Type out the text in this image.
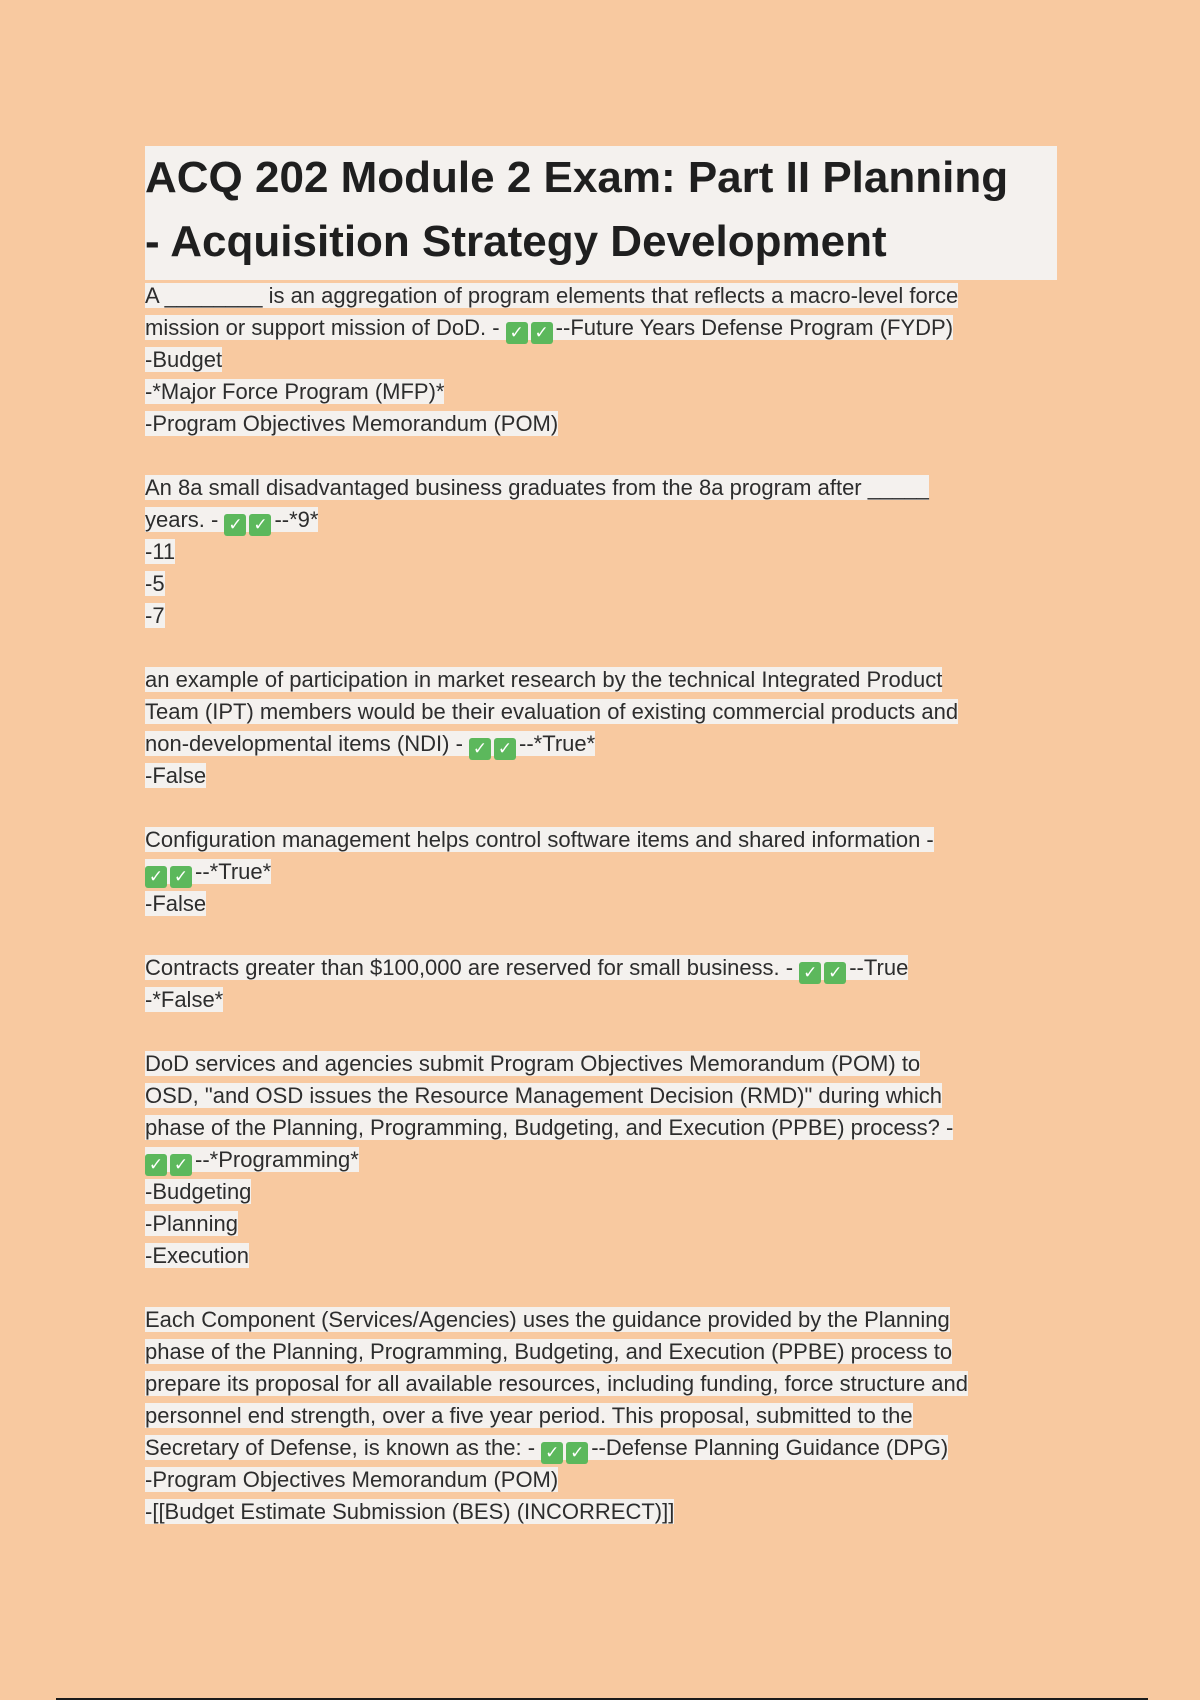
ACQ 202 Module 2 Exam: Part II Planning
- Acquisition Strategy Development
A ________ is an aggregation of program elements that reflects a macro-level force
mission or support mission of DoD. - ✓ ✓ --Future Years Defense Program (FYDP)
-Budget
-*Major Force Program (MFP)*
-Program Objectives Memorandum (POM)
An 8a small disadvantaged business graduates from the 8a program after _____
years. - ✓ ✓ --*9*
-11
-5
-7
an example of participation in market research by the technical Integrated Product
Team (IPT) members would be their evaluation of existing commercial products and
non-developmental items (NDI) - ✓ ✓ --*True*
-False
Configuration management helps control software items and shared information -
✓ ✓ --*True*
-False
Contracts greater than $100,000 are reserved for small business. - ✓ ✓ --True
-*False*
DoD services and agencies submit Program Objectives Memorandum (POM) to
OSD, "and OSD issues the Resource Management Decision (RMD)" during which
phase of the Planning, Programming, Budgeting, and Execution (PPBE) process? -
✓ ✓ --*Programming*
-Budgeting
-Planning
-Execution
Each Component (Services/Agencies) uses the guidance provided by the Planning
phase of the Planning, Programming, Budgeting, and Execution (PPBE) process to
prepare its proposal for all available resources, including funding, force structure and
personnel end strength, over a five year period. This proposal, submitted to the
Secretary of Defense, is known as the: - ✓ ✓ --Defense Planning Guidance (DPG)
-Program Objectives Memorandum (POM)
-[[Budget Estimate Submission (BES) (INCORRECT)]]
